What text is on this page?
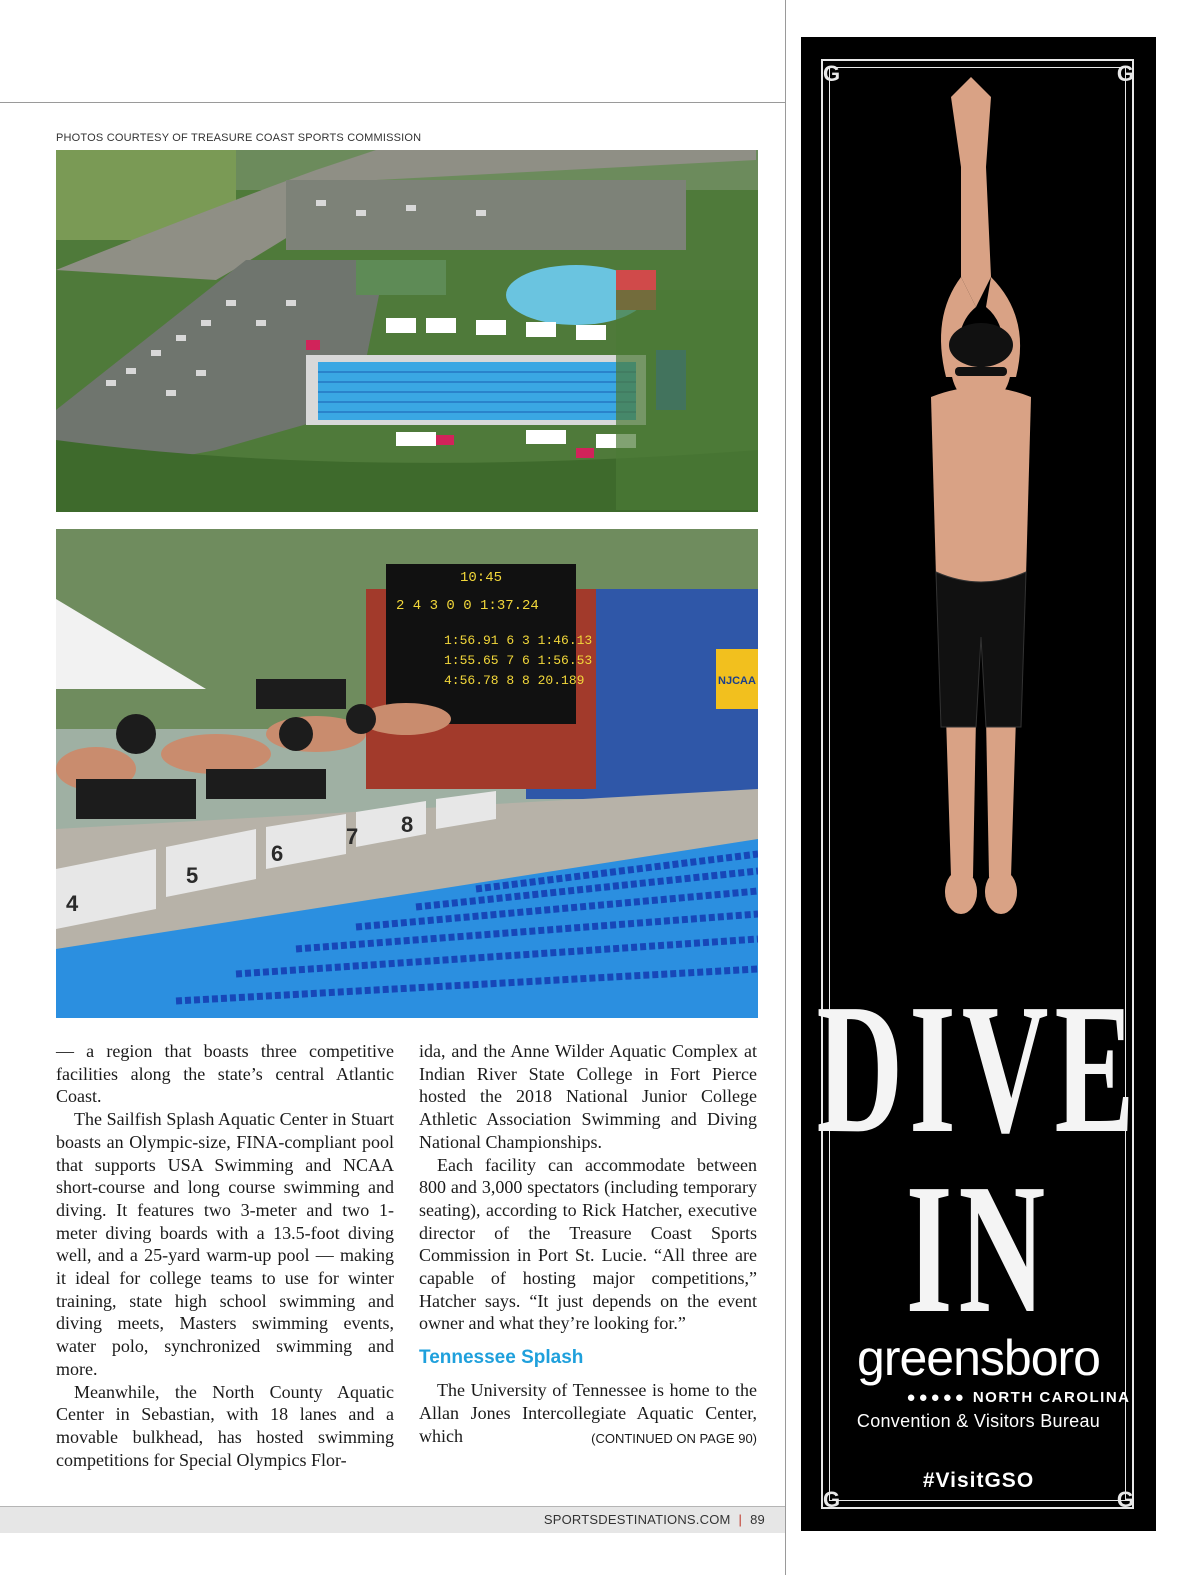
PHOTOS COURTESY OF TREASURE COAST SPORTS COMMISSION
10:45
2 4 3 0 0 1:37.24
1:56.91 6 3 1:46.13
1:55.65 7 6 1:56.53
4:56.78 8 8 20.189	NJCAA
4
5
6
7 8

— a region that boasts three competitive facilities along the state’s central Atlantic Coast.

The Sailfish Splash Aquatic Center in Stuart boasts an Olympic-size, FINA-compliant pool that supports USA Swimming and NCAA short-course and long course swimming and diving. It features two 3-meter and two 1-meter diving boards with a 13.5-foot diving well, and a 25-yard warm-up pool — making it ideal for college teams to use for winter training, state high school swimming and diving meets, Masters swimming events, water polo, synchronized swimming and more.

Meanwhile, the North County Aquatic Center in Sebastian, with 18 lanes and a movable bulkhead, has hosted swimming competitions for Special Olympics Flor-

ida, and the Anne Wilder Aquatic Complex at Indian River State College in Fort Pierce hosted the 2018 National Junior College Athletic Association Swimming and Diving National Championships.

Each facility can accommodate between 800 and 3,000 spectators (including temporary seating), according to Rick Hatcher, executive director of the Treasure Coast Sports Commission in Port St. Lucie. “All three are capable of hosting major competitions,” Hatcher says. “It just depends on the event owner and what they’re looking for.”

Tennessee Splash

The University of Tennessee is home to the Allan Jones Intercollegiate Aquatic Center, which	(CONTINUED ON PAGE 90)

SPORTSDESTINATIONS.COM | 89
G	G
G	G
DIVE
IN
greensboro
●●●●● NORTH CAROLINA
Convention & Visitors Bureau
#VisitGSO
